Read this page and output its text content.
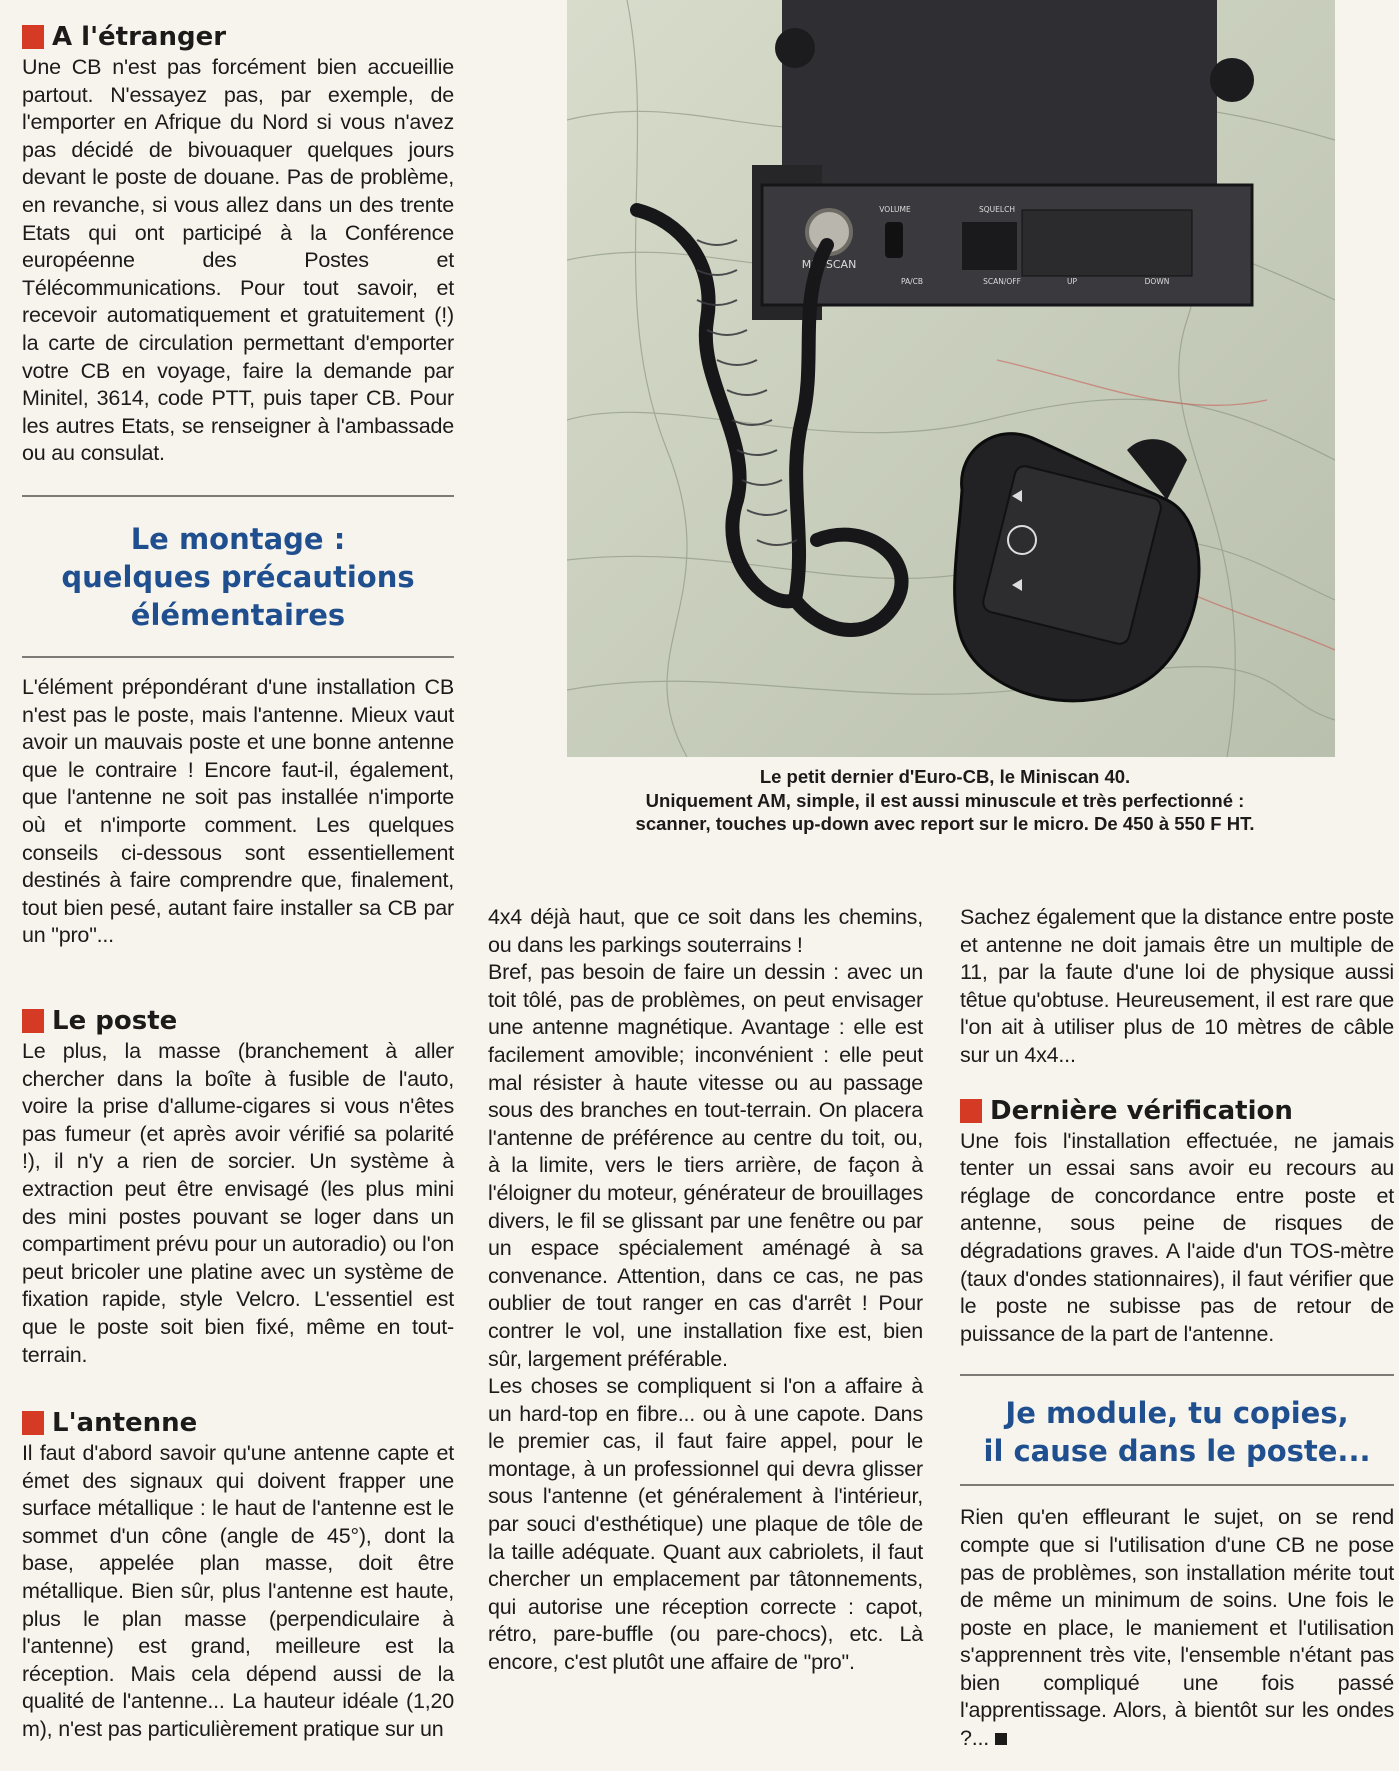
A l'étranger

Une CB n'est pas forcément bien accueillie partout. N'essayez pas, par exemple, de l'emporter en Afrique du Nord si vous n'avez pas décidé de bivouaquer quelques jours devant le poste de douane. Pas de problème, en revanche, si vous allez dans un des trente Etats qui ont participé à la Conférence européenne des Postes et Télécommunications. Pour tout savoir, et recevoir automatiquement et gratuitement (!) la carte de circulation permettant d'emporter votre CB en voyage, faire la demande par Minitel, 3614, code PTT, puis taper CB. Pour les autres Etats, se renseigner à l'ambassade ou au consulat.

Le montage :

quelques précautions

élémentaires

L'élément prépondérant d'une installation CB n'est pas le poste, mais l'antenne. Mieux vaut avoir un mauvais poste et une bonne antenne que le contraire ! Encore faut-il, également, que l'antenne ne soit pas installée n'importe où et n'importe comment. Les quelques conseils ci-dessous sont essentiellement destinés à faire comprendre que, finalement, tout bien pesé, autant faire installer sa CB par un "pro"...

Le poste

Le plus, la masse (branchement à aller chercher dans la boîte à fusible de l'auto, voire la prise d'allume-cigares si vous n'êtes pas fumeur (et après avoir vérifié sa polarité !), il n'y a rien de sorcier. Un système à extraction peut être envisagé (les plus mini des mini postes pouvant se loger dans un compartiment prévu pour un autoradio) ou l'on peut bricoler une platine avec un système de fixation rapide, style Velcro. L'essentiel est que le poste soit bien fixé, même en tout-terrain.

L'antenne

Il faut d'abord savoir qu'une antenne capte et émet des signaux qui doivent frapper une surface métallique : le haut de l'antenne est le sommet d'un cône (angle de 45°), dont la base, appelée plan masse, doit être métallique. Bien sûr, plus l'antenne est haute, plus le plan masse (perpendiculaire à l'antenne) est grand, meilleure est la réception. Mais cela dépend aussi de la qualité de l'antenne... La hauteur idéale (1,20 m), n'est pas particulièrement pratique sur un

VOLUME	SQUELCH
MINISCAN
PA/CB	SCAN/OFF	UP	DOWN
Le petit dernier d'Euro-CB, le Miniscan 40.
Uniquement AM, simple, il est aussi minuscule et très perfectionné :
scanner, touches up-down avec report sur le micro. De 450 à 550 F HT.

4x4 déjà haut, que ce soit dans les chemins, ou dans les parkings souterrains !

Bref, pas besoin de faire un dessin : avec un toit tôlé, pas de problèmes, on peut envisager une antenne magnétique. Avantage : elle est facilement amovible; inconvénient : elle peut mal résister à haute vitesse ou au passage sous des branches en tout-terrain. On placera l'antenne de préférence au centre du toit, ou, à la limite, vers le tiers arrière, de façon à l'éloigner du moteur, générateur de brouillages divers, le fil se glissant par une fenêtre ou par un espace spécialement aménagé à sa convenance. Attention, dans ce cas, ne pas oublier de tout ranger en cas d'arrêt ! Pour contrer le vol, une installation fixe est, bien sûr, largement préférable.

Les choses se compliquent si l'on a affaire à un hard-top en fibre... ou à une capote. Dans le premier cas, il faut faire appel, pour le montage, à un professionnel qui devra glisser sous l'antenne (et généralement à l'intérieur, par souci d'esthétique) une plaque de tôle de la taille adéquate. Quant aux cabriolets, il faut chercher un emplacement par tâtonnements, qui autorise une réception correcte : capot, rétro, pare-buffle (ou pare-chocs), etc. Là encore, c'est plutôt une affaire de "pro".

Sachez également que la distance entre poste et antenne ne doit jamais être un multiple de 11, par la faute d'une loi de physique aussi têtue qu'obtuse. Heureusement, il est rare que l'on ait à utiliser plus de 10 mètres de câble sur un 4x4...

Dernière vérification

Une fois l'installation effectuée, ne jamais tenter un essai sans avoir eu recours au réglage de concordance entre poste et antenne, sous peine de risques de dégradations graves. A l'aide d'un TOS-mètre (taux d'ondes stationnaires), il faut vérifier que le poste ne subisse pas de retour de puissance de la part de l'antenne.

Je module, tu copies,

il cause dans le poste...

Rien qu'en effleurant le sujet, on se rend compte que si l'utilisation d'une CB ne pose pas de problèmes, son installation mérite tout de même un minimum de soins. Une fois le poste en place, le maniement et l'utilisation s'apprennent très vite, l'ensemble n'étant pas bien compliqué une fois passé l'apprentissage. Alors, à bientôt sur les ondes ?...
